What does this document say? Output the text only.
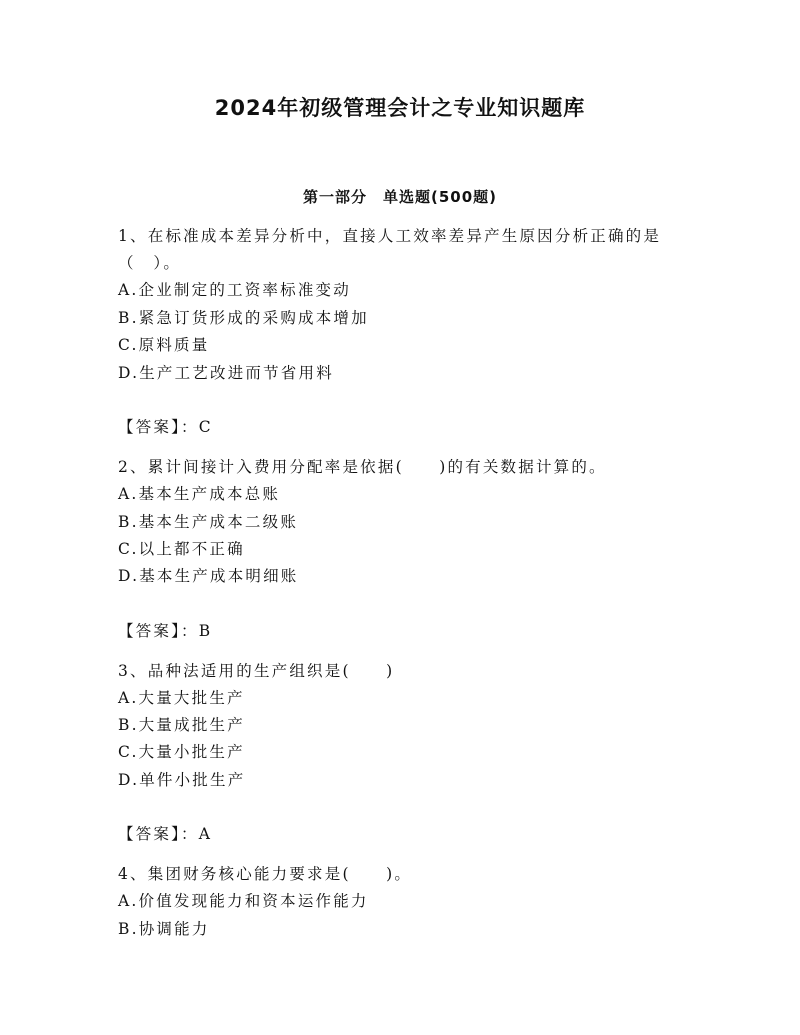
2024年初级管理会计之专业知识题库
第一部分　单选题(500题)
1、在标准成本差异分析中，直接人工效率差异产生原因分析正确的是
（　）。
A.企业制定的工资率标准变动
B.紧急订货形成的采购成本增加
C.原料质量
D.生产工艺改进而节省用料
【答案】：C
2、累计间接计入费用分配率是依据(　　)的有关数据计算的。
A.基本生产成本总账
B.基本生产成本二级账
C.以上都不正确
D.基本生产成本明细账
【答案】：B
3、品种法适用的生产组织是(　　)
A.大量大批生产
B.大量成批生产
C.大量小批生产
D.单件小批生产
【答案】：A
4、集团财务核心能力要求是(　　)。
A.价值发现能力和资本运作能力
B.协调能力
